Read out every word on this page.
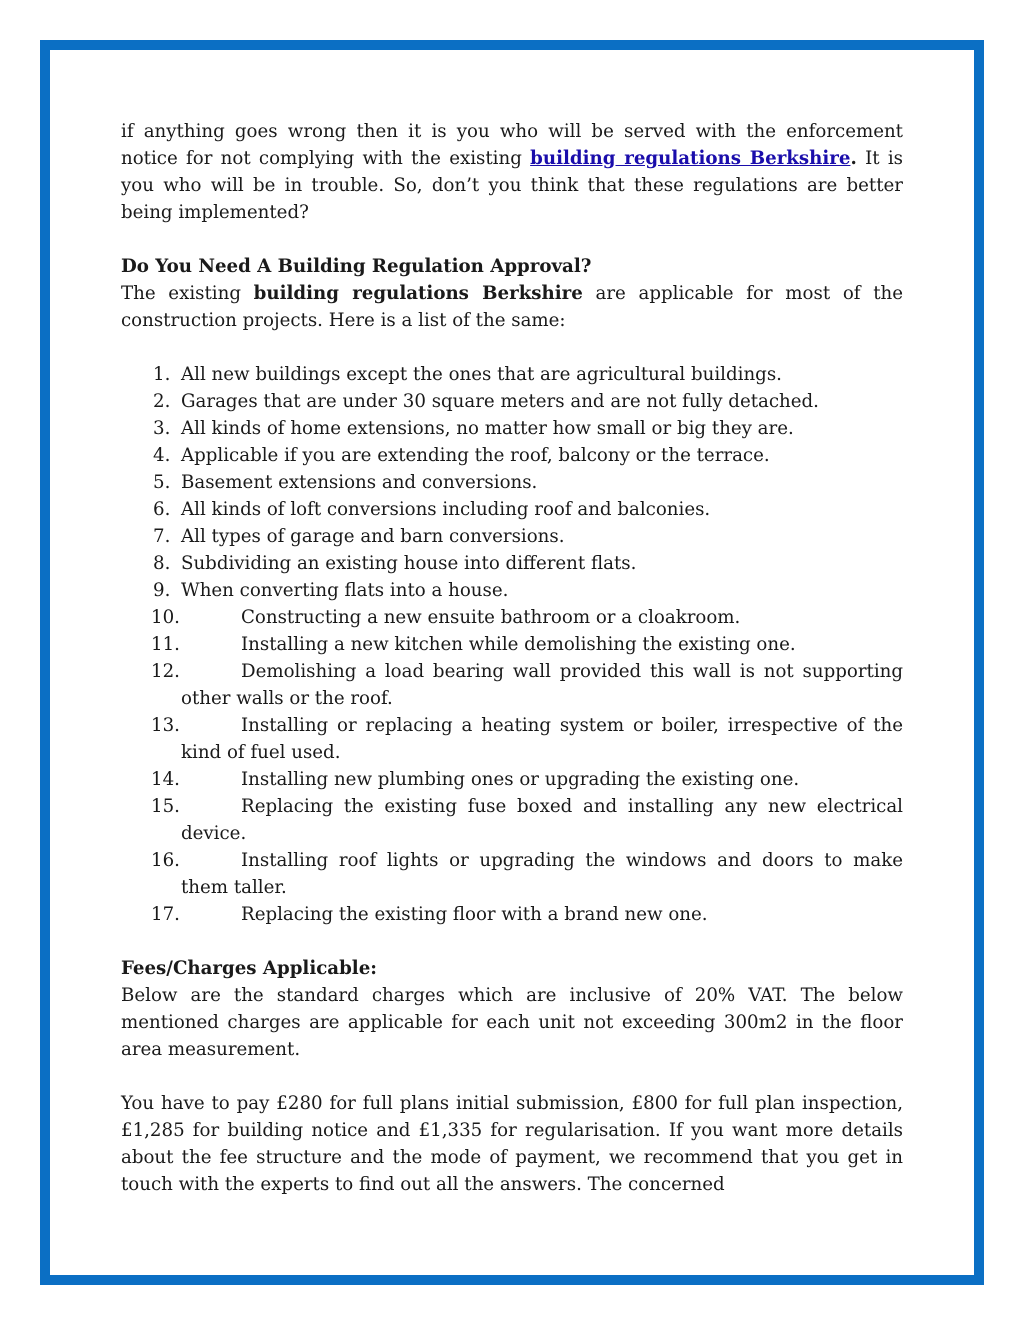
if anything goes wrong then it is you who will be served with the enforcement notice for not complying with the existing building regulations Berkshire. It is you who will be in trouble. So, don’t you think that these regulations are better being implemented?

Do You Need A Building Regulation Approval?

The existing building regulations Berkshire are applicable for most of the construction projects. Here is a list of the same:

1. All new buildings except the ones that are agricultural buildings.
2. Garages that are under 30 square meters and are not fully detached.
3. All kinds of home extensions, no matter how small or big they are.
4. Applicable if you are extending the roof, balcony or the terrace.
5. Basement extensions and conversions.
6. All kinds of loft conversions including roof and balconies.
7. All types of garage and barn conversions.
8. Subdividing an existing house into different flats.
9. When converting flats into a house.
10.	Constructing a new ensuite bathroom or a cloakroom.
11.	Installing a new kitchen while demolishing the existing one.
12.	Demolishing a load bearing wall provided this wall is not supporting other walls or the roof.
13.	Installing or replacing a heating system or boiler, irrespective of the kind of fuel used.
14.	Installing new plumbing ones or upgrading the existing one.
15.	Replacing the existing fuse boxed and installing any new electrical device.
16.	Installing roof lights or upgrading the windows and doors to make them taller.
17.	Replacing the existing floor with a brand new one.

Fees/Charges Applicable:

Below are the standard charges which are inclusive of 20% VAT. The below mentioned charges are applicable for each unit not exceeding 300m2 in the floor area measurement.

You have to pay £280 for full plans initial submission, £800 for full plan inspection, £1,285 for building notice and £1,335 for regularisation. If you want more details about the fee structure and the mode of payment, we recommend that you get in touch with the experts to find out all the answers. The concerned
